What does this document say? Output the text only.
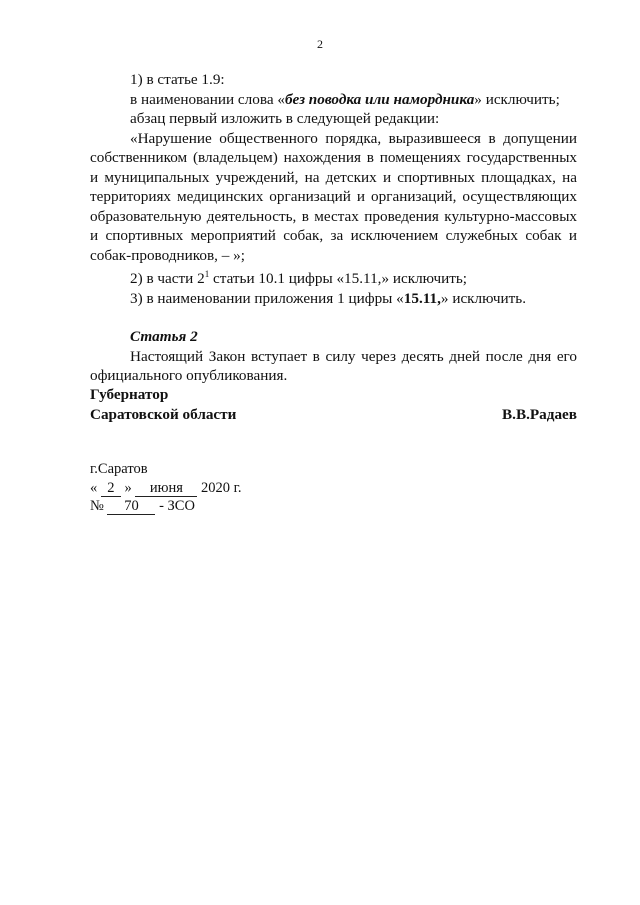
2

1) в статье 1.9:

в наименовании слова «без поводка или намордника» исключить;

абзац первый изложить в следующей редакции:

«Нарушение общественного порядка, выразившееся в допущении собственником (владельцем) нахождения в помещениях государственных и муниципальных учреждений, на детских и спортивных площадках, на территориях медицинских организаций и организаций, осуществляющих образовательную деятельность, в местах проведения культурно-массовых и спортивных мероприятий собак, за исключением служебных собак и собак-проводников, – »;

2) в части $2^1$ статьи 10.1 цифры «15.11,» исключить;

3) в наименовании приложения 1 цифры «15.11,» исключить.

Статья 2

Настоящий Закон вступает в силу через десять дней после дня его официального опубликования.

Губернатор
Саратовской области	В.В.Радаев
г.Саратов
« 2 » июня 2020 г.
№ 70 - ЗСО
